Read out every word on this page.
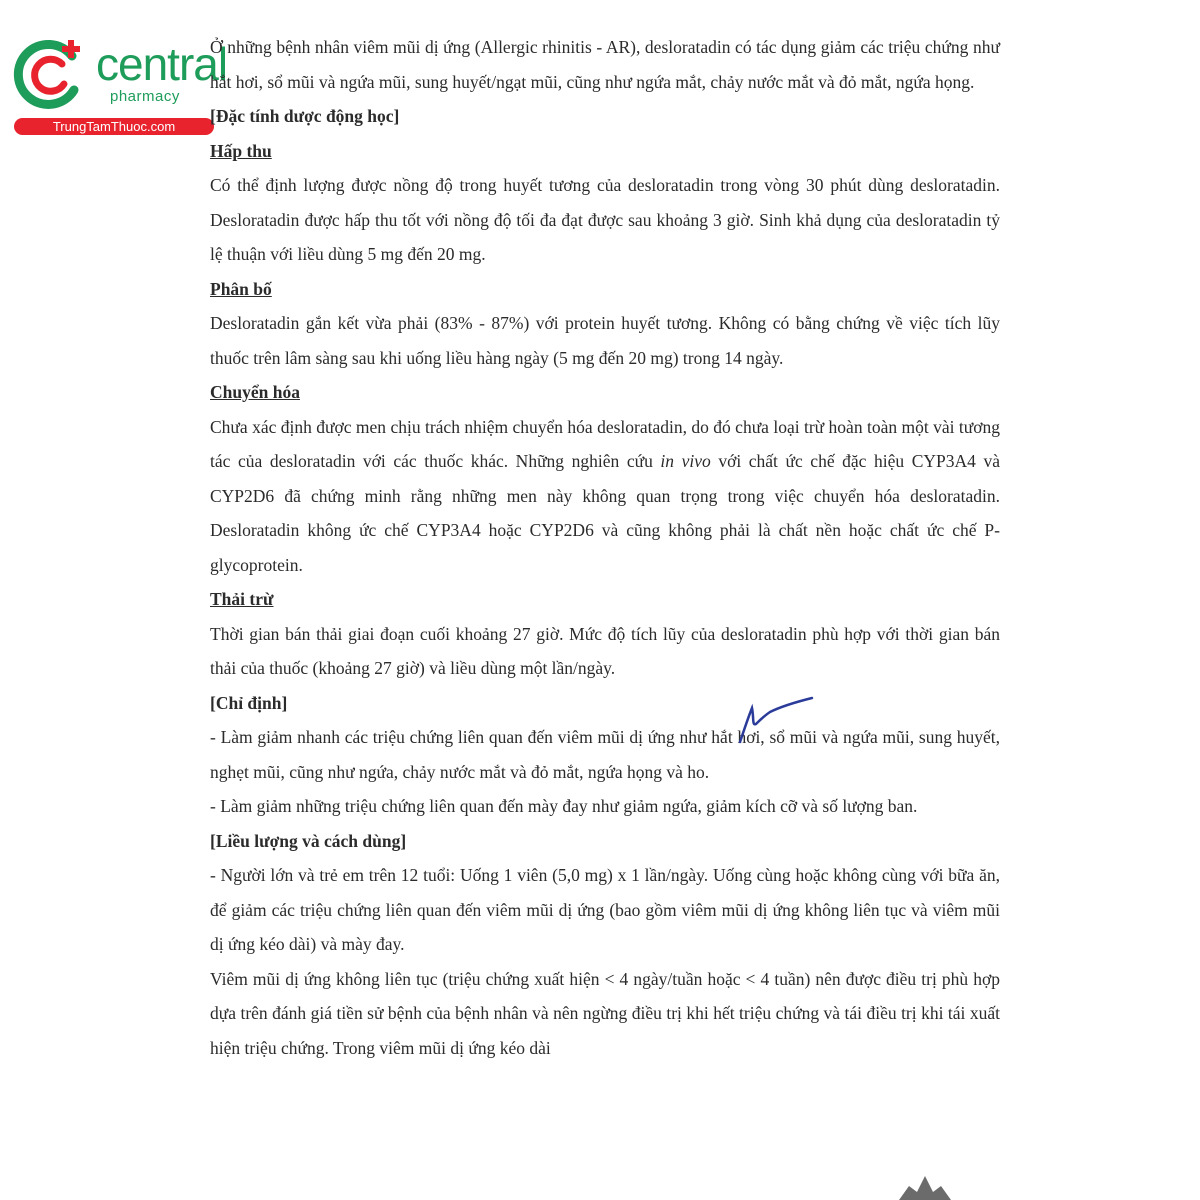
central
pharmacy
TrungTamThuoc.com

Ở những bệnh nhân viêm mũi dị ứng (Allergic rhinitis - AR), desloratadin có tác dụng giảm các triệu chứng như hắt hơi, sổ mũi và ngứa mũi, sung huyết/ngạt mũi, cũng như ngứa mắt, chảy nước mắt và đỏ mắt, ngứa họng.

[Đặc tính dược động học]

Hấp thu

Có thể định lượng được nồng độ trong huyết tương của desloratadin trong vòng 30 phút dùng desloratadin. Desloratadin được hấp thu tốt với nồng độ tối đa đạt được sau khoảng 3 giờ. Sinh khả dụng của desloratadin tỷ lệ thuận với liều dùng 5 mg đến 20 mg.

Phân bố

Desloratadin gắn kết vừa phải (83% - 87%) với protein huyết tương. Không có bằng chứng về việc tích lũy thuốc trên lâm sàng sau khi uống liều hàng ngày (5 mg đến 20 mg) trong 14 ngày.

Chuyển hóa

Chưa xác định được men chịu trách nhiệm chuyển hóa desloratadin, do đó chưa loại trừ hoàn toàn một vài tương tác của desloratadin với các thuốc khác. Những nghiên cứu in vivo với chất ức chế đặc hiệu CYP3A4 và CYP2D6 đã chứng minh rằng những men này không quan trọng trong việc chuyển hóa desloratadin. Desloratadin không ức chế CYP3A4 hoặc CYP2D6 và cũng không phải là chất nền hoặc chất ức chế P-glycoprotein.

Thải trừ

Thời gian bán thải giai đoạn cuối khoảng 27 giờ. Mức độ tích lũy của desloratadin phù hợp với thời gian bán thải của thuốc (khoảng 27 giờ) và liều dùng một lần/ngày.

[Chỉ định]

- Làm giảm nhanh các triệu chứng liên quan đến viêm mũi dị ứng như hắt hơi, sổ mũi và ngứa mũi, sung huyết, nghẹt mũi, cũng như ngứa, chảy nước mắt và đỏ mắt, ngứa họng và ho.

- Làm giảm những triệu chứng liên quan đến mày đay như giảm ngứa, giảm kích cỡ và số lượng ban.

[Liều lượng và cách dùng]

- Người lớn và trẻ em trên 12 tuổi: Uống 1 viên (5,0 mg) x 1 lần/ngày. Uống cùng hoặc không cùng với bữa ăn, để giảm các triệu chứng liên quan đến viêm mũi dị ứng (bao gồm viêm mũi dị ứng không liên tục và viêm mũi dị ứng kéo dài) và mày đay.

Viêm mũi dị ứng không liên tục (triệu chứng xuất hiện < 4 ngày/tuần hoặc < 4 tuần) nên được điều trị phù hợp dựa trên đánh giá tiền sử bệnh của bệnh nhân và nên ngừng điều trị khi hết triệu chứng và tái điều trị khi tái xuất hiện triệu chứng. Trong viêm mũi dị ứng kéo dài
